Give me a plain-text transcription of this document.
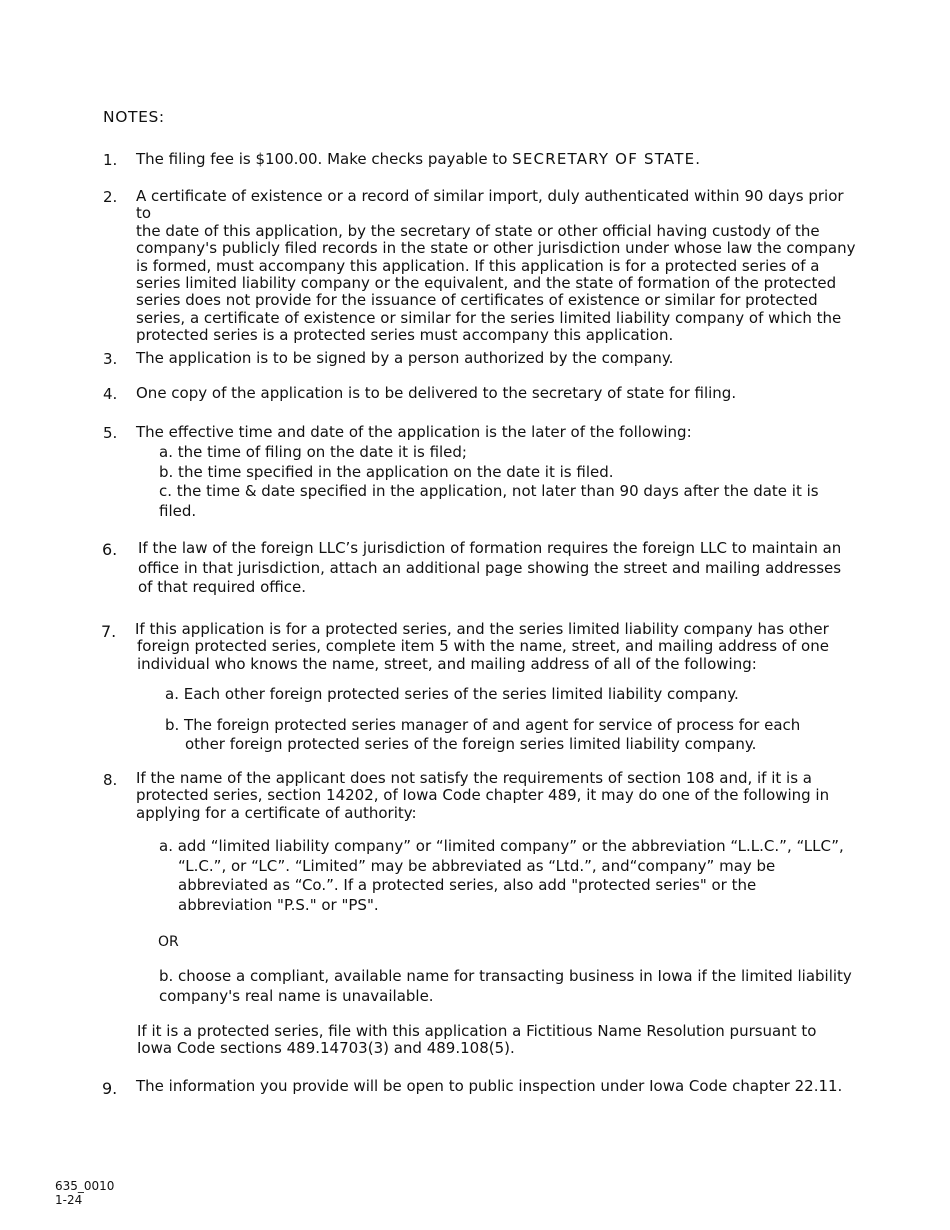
NOTES:
1. The filing fee is $100.00. Make checks payable to SECRETARY OF STATE.
2. A certificate of existence or a record of similar import, duly authenticated within 90 days prior to
the date of this application, by the secretary of state or other official having custody of the
company's publicly filed records in the state or other jurisdiction under whose law the company
is formed, must accompany this application. If this application is for a protected series of a
series limited liability company or the equivalent, and the state of formation of the protected
series does not provide for the issuance of certificates of existence or similar for protected
series, a certificate of existence or similar for the series limited liability company of which the
protected series is a protected series must accompany this application.
3. The application is to be signed by a person authorized by the company.
4. One copy of the application is to be delivered to the secretary of state for filing.
5. The effective time and date of the application is the later of the following:
a. the time of filing on the date it is filed;
b. the time specified in the application on the date it is filed.
c. the time & date specified in the application, not later than 90 days after the date it is filed.
6. If the law of the foreign LLC’s jurisdiction of formation requires the foreign LLC to maintain an
office in that jurisdiction, attach an additional page showing the street and mailing addresses
of that required office.
7. If this application is for a protected series, and the series limited liability company has other
foreign protected series, complete item 5 with the name, street, and mailing address of one
individual who knows the name, street, and mailing address of all of the following:
a. Each other foreign protected series of the series limited liability company.
b. The foreign protected series manager of and agent for service of process for each
other foreign protected series of the foreign series limited liability company.
8. If the name of the applicant does not satisfy the requirements of section 108 and, if it is a
protected series, section 14202, of Iowa Code chapter 489, it may do one of the following in
applying for a certificate of authority:
a. add “limited liability company” or “limited company” or the abbreviation “L.L.C.”, “LLC”,
“L.C.”, or “LC”. “Limited” may be abbreviated as “Ltd.”, and“company” may be
abbreviated as “Co.”. If a protected series, also add "protected series" or the
abbreviation "P.S." or "PS".
OR
b. choose a compliant, available name for transacting business in Iowa if the limited liability
company's real name is unavailable.
If it is a protected series, file with this application a Fictitious Name Resolution pursuant to
Iowa Code sections 489.14703(3) and 489.108(5).
9. The information you provide will be open to public inspection under Iowa Code chapter 22.11.
635_0010
1-24
